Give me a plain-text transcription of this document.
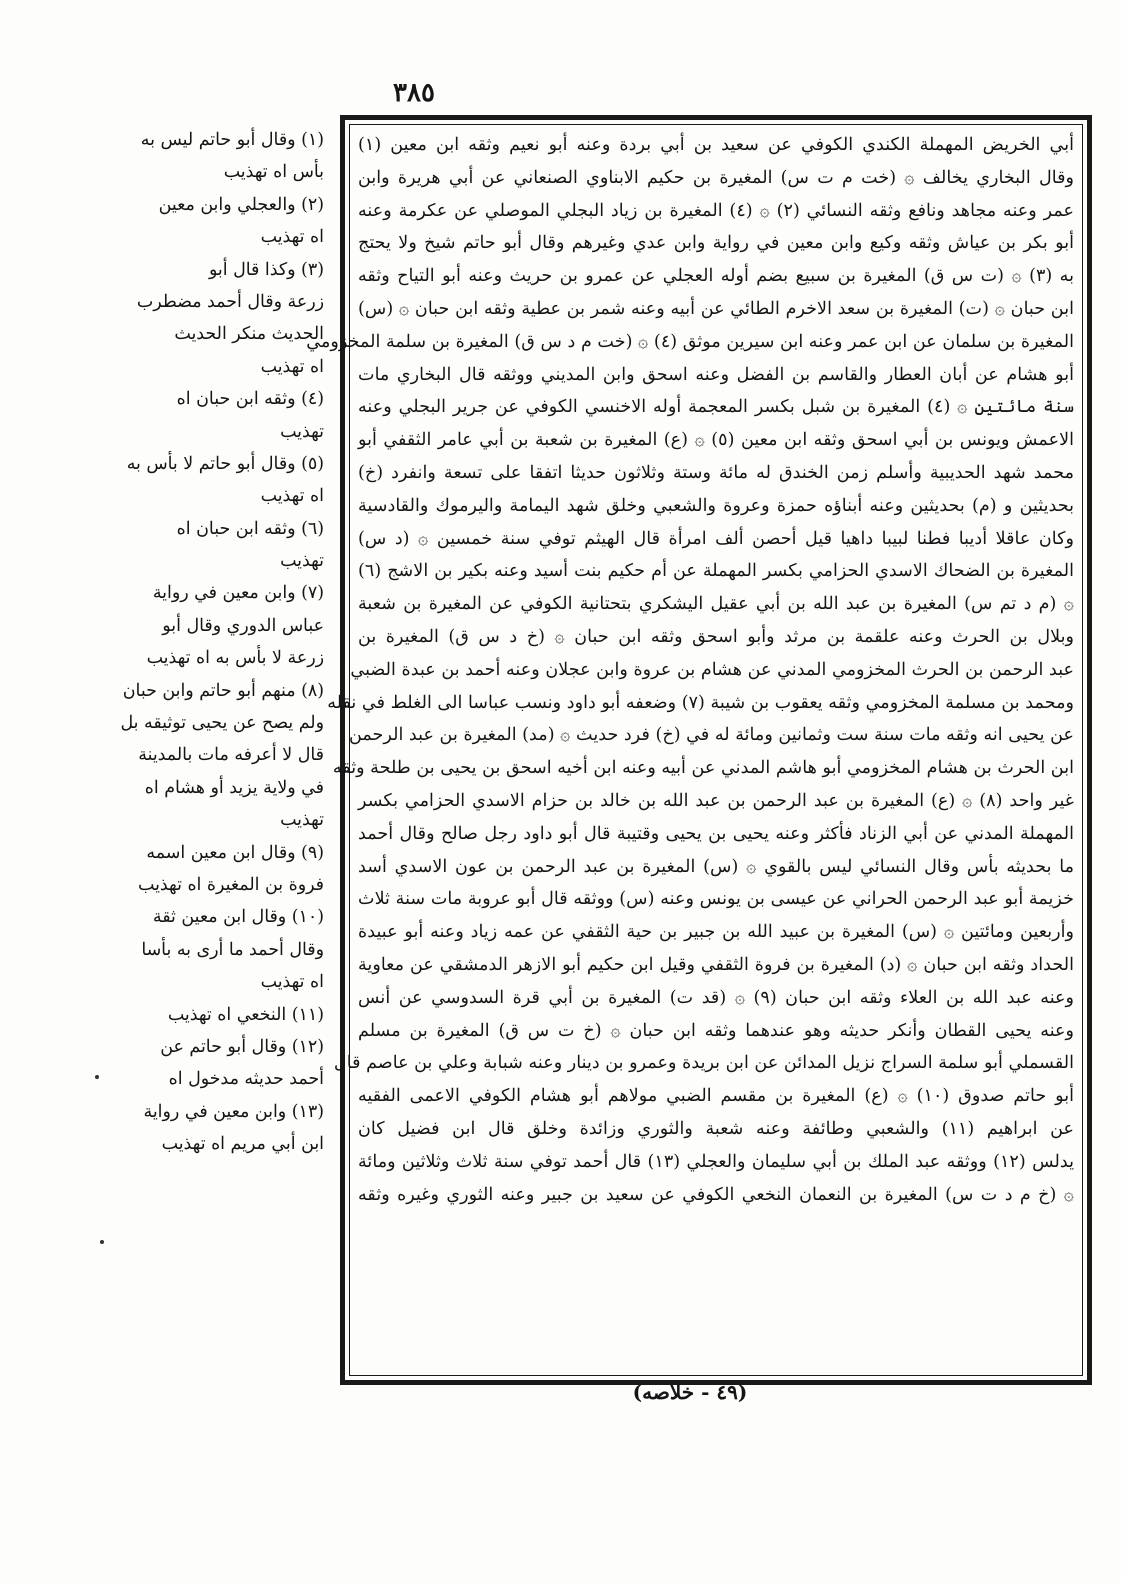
٣٨٥
أبي الخريض المهملة الكندي الكوفي عن سعيد بن أبي بردة وعنه أبو نعيم وثقه ابن معين (١)
وقال البخاري يخالف ۞ (خت م ت س) المغيرة بن حكيم الابناوي الصنعاني عن أبي هريرة وابن
عمر وعنه مجاهد ونافع وثقه النسائي (٢) ۞ (٤) المغيرة بن زياد البجلي الموصلي عن عكرمة وعنه
أبو بكر بن عياش وثقه وكيع وابن معين في رواية وابن عدي وغيرهم وقال أبو حاتم شيخ ولا يحتج
به (٣) ۞ (ت س ق) المغيرة بن سبيع بضم أوله العجلي عن عمرو بن حريث وعنه أبو التياح وثقه
ابن حبان ۞ (ت) المغيرة بن سعد الاخرم الطائي عن أبيه وعنه شمر بن عطية وثقه ابن حبان ۞ (س)
المغيرة بن سلمان عن ابن عمر وعنه ابن سيرين موثق (٤) ۞ (خت م د س ق) المغيرة بن سلمة المخزومي
أبو هشام عن أبان العطار والقاسم بن الفضل وعنه اسحق وابن المديني ووثقه قال البخاري مات
سنة مائتين ۞ (٤) المغيرة بن شبل بكسر المعجمة أوله الاخنسي الكوفي عن جرير البجلي وعنه
الاعمش ويونس بن أبي اسحق وثقه ابن معين (٥) ۞ (ع) المغيرة بن شعبة بن أبي عامر الثقفي أبو
محمد شهد الحديبية وأسلم زمن الخندق له مائة وستة وثلاثون حديثا اتفقا على تسعة وانفرد (خ)
بحديثين و (م) بحديثين وعنه أبناؤه حمزة وعروة والشعبي وخلق شهد اليمامة واليرموك والقادسية
وكان عاقلا أديبا فطنا لبيبا داهيا قيل أحصن ألف امرأة قال الهيثم توفي سنة خمسين ۞ (د س)
المغيرة بن الضحاك الاسدي الحزامي بكسر المهملة عن أم حكيم بنت أسيد وعنه بكير بن الاشج (٦)
۞ (م د تم س) المغيرة بن عبد الله بن أبي عقيل اليشكري بتحتانية الكوفي عن المغيرة بن شعبة
وبلال بن الحرث وعنه علقمة بن مرثد وأبو اسحق وثقه ابن حبان ۞ (خ د س ق) المغيرة بن
عبد الرحمن بن الحرث المخزومي المدني عن هشام بن عروة وابن عجلان وعنه أحمد بن عبدة الضبي
ومحمد بن مسلمة المخزومي وثقه يعقوب بن شيبة (٧) وضعفه أبو داود ونسب عباسا الى الغلط في نقله
عن يحيى انه وثقه مات سنة ست وثمانين ومائة له في (خ) فرد حديث ۞ (مد) المغيرة بن عبد الرحمن
ابن الحرث بن هشام المخزومي أبو هاشم المدني عن أبيه وعنه ابن أخيه اسحق بن يحيى بن طلحة وثقه
غير واحد (٨) ۞ (ع) المغيرة بن عبد الرحمن بن عبد الله بن خالد بن حزام الاسدي الحزامي بكسر
المهملة المدني عن أبي الزناد فأكثر وعنه يحيى بن يحيى وقتيبة قال أبو داود رجل صالح وقال أحمد
ما بحديثه بأس وقال النسائي ليس بالقوي ۞ (س) المغيرة بن عبد الرحمن بن عون الاسدي أسد
خزيمة أبو عبد الرحمن الحراني عن عيسى بن يونس وعنه (س) ووثقه قال أبو عروبة مات سنة ثلاث
وأربعين ومائتين ۞ (س) المغيرة بن عبيد الله بن جبير بن حية الثقفي عن عمه زياد وعنه أبو عبيدة
الحداد وثقه ابن حبان ۞ (د) المغيرة بن فروة الثقفي وقيل ابن حكيم أبو الازهر الدمشقي عن معاوية
وعنه عبد الله بن العلاء وثقه ابن حبان (٩) ۞ (قد ت) المغيرة بن أبي قرة السدوسي عن أنس
وعنه يحيى القطان وأنكر حديثه وهو عندهما وثقه ابن حبان ۞ (خ ت س ق) المغيرة بن مسلم
القسملي أبو سلمة السراج نزيل المدائن عن ابن بريدة وعمرو بن دينار وعنه شبابة وعلي بن عاصم قال
أبو حاتم صدوق (١٠) ۞ (ع) المغيرة بن مقسم الضبي مولاهم أبو هشام الكوفي الاعمى الفقيه
عن ابراهيم (١١) والشعبي وطائفة وعنه شعبة والثوري وزائدة وخلق قال ابن فضيل كان
يدلس (١٢) ووثقه عبد الملك بن أبي سليمان والعجلي (١٣) قال أحمد توفي سنة ثلاث وثلاثين ومائة
۞ (خ م د ت س) المغيرة بن النعمان النخعي الكوفي عن سعيد بن جبير وعنه الثوري وغيره وثقه
(١) وقال أبو حاتم ليس به
بأس اه تهذيب
(٢) والعجلي وابن معين
اه تهذيب
(٣) وكذا قال أبو
زرعة وقال أحمد مضطرب
الحديث منكر الحديث
اه تهذيب
(٤) وثقه ابن حبان اه
تهذيب
(٥) وقال أبو حاتم لا بأس به
اه تهذيب
(٦) وثقه ابن حبان اه
تهذيب
(٧) وابن معين في رواية
عباس الدوري وقال أبو
زرعة لا بأس به اه تهذيب
(٨) منهم أبو حاتم وابن حبان
ولم يصح عن يحيى توثيقه بل
قال لا أعرفه مات بالمدينة
في ولاية يزيد أو هشام اه
تهذيب
(٩) وقال ابن معين اسمه
فروة بن المغيرة اه تهذيب
(١٠) وقال ابن معين ثقة
وقال أحمد ما أرى به بأسا
اه تهذيب
(١١) النخعي اه تهذيب
(١٢) وقال أبو حاتم عن
أحمد حديثه مدخول اه
(١٣) وابن معين في رواية
ابن أبي مريم اه تهذيب
(٤٩ - خلاصه)
